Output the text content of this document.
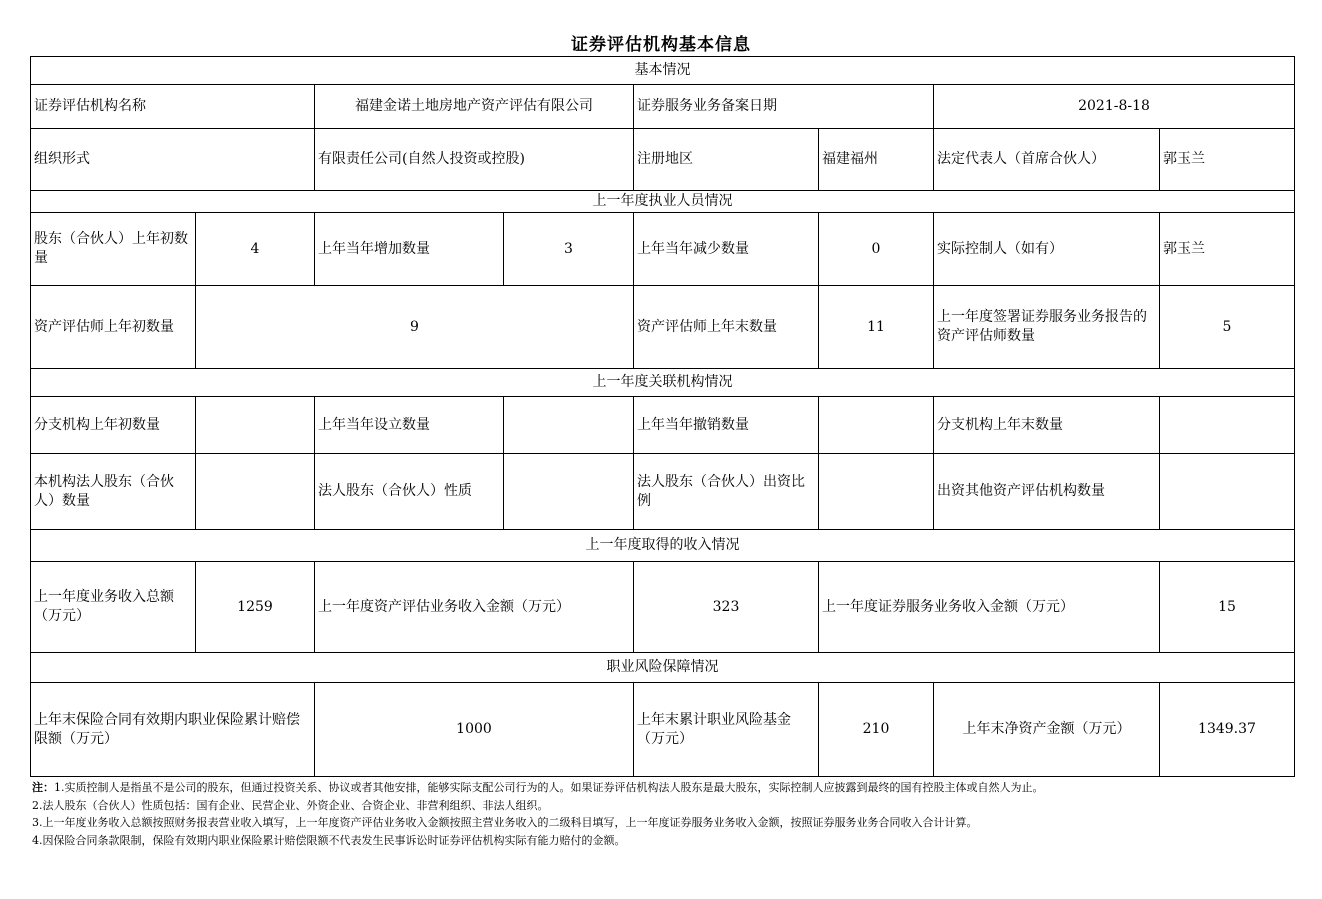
证券评估机构基本信息
基本情况							
证券评估机构名称		福建金诺土地房地产资产评估有限公司		证券服务业务备案日期		2021-8-18	
组织形式		有限责任公司(自然人投资或控股)		注册地区	福建福州	法定代表人（首席合伙人）	郭玉兰
上一年度执业人员情况							
股东（合伙人）上年初数量	4	上年当年增加数量	3	上年当年减少数量	0	实际控制人（如有）	郭玉兰
资产评估师上年初数量	9			资产评估师上年末数量	11	上一年度签署证券服务业务报告的资产评估师数量	5
上一年度关联机构情况							
分支机构上年初数量		上年当年设立数量		上年当年撤销数量		分支机构上年末数量	
本机构法人股东（合伙人）数量		法人股东（合伙人）性质		法人股东（合伙人）出资比例		出资其他资产评估机构数量	
上一年度取得的收入情况							
上一年度业务收入总额（万元）	1259	上一年度资产评估业务收入金额（万元）		323	上一年度证券服务业务收入金额（万元）		15
职业风险保障情况							
上年末保险合同有效期内职业保险累计赔偿限额（万元）		1000		上年末累计职业风险基金（万元）	210	上年末净资产金额（万元）	1349.37
注：1.实质控制人是指虽不是公司的股东，但通过投资关系、协议或者其他安排，能够实际支配公司行为的人。如果证券评估机构法人股东是最大股东，实际控制人应披露到最终的国有控股主体或自然人为止。
2.法人股东（合伙人）性质包括：国有企业、民营企业、外资企业、合资企业、非营利组织、非法人组织。
3.上一年度业务收入总额按照财务报表营业收入填写，上一年度资产评估业务收入金额按照主营业务收入的二级科目填写，上一年度证券服务业务收入金额，按照证券服务业务合同收入合计计算。
4.因保险合同条款限制，保险有效期内职业保险累计赔偿限额不代表发生民事诉讼时证券评估机构实际有能力赔付的金额。
